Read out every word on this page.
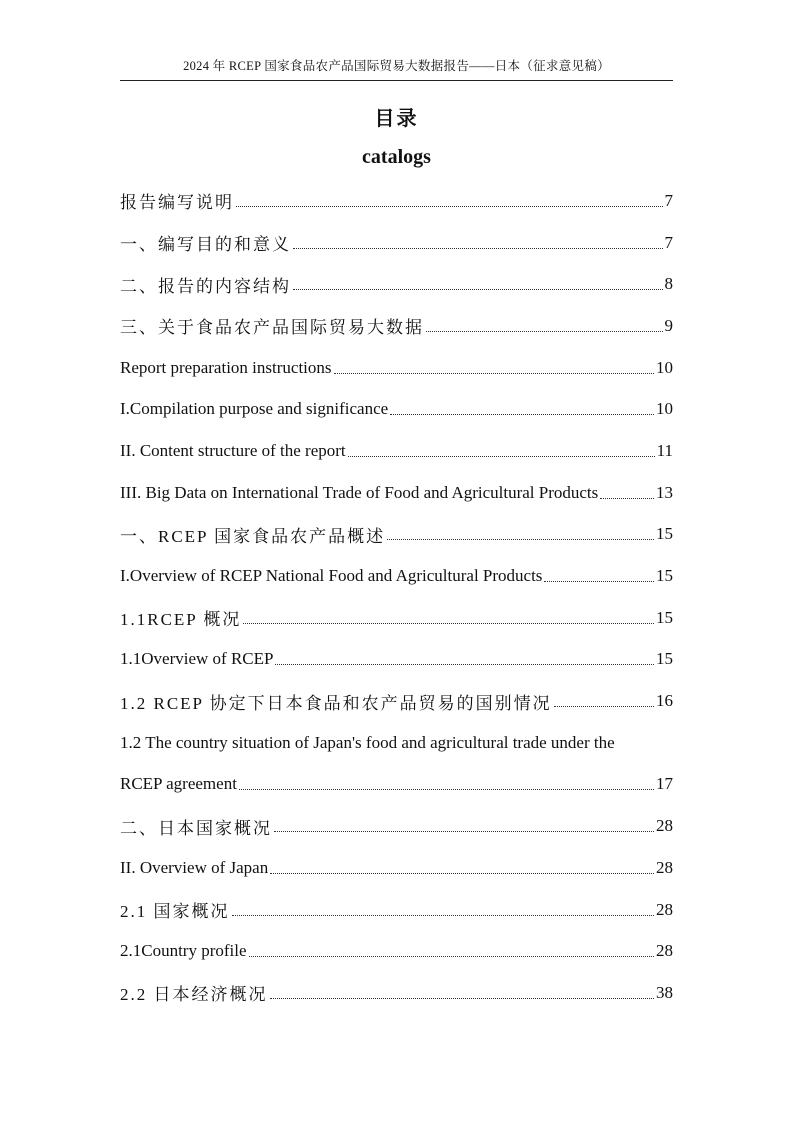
2024 年 RCEP 国家食品农产品国际贸易大数据报告——日本（征求意见稿）
目录
catalogs
报告编写说明	7
一、编写目的和意义	7
二、报告的内容结构	8
三、关于食品农产品国际贸易大数据	9
Report preparation instructions	10
I.Compilation purpose and significance	10
II. Content structure of the report	11
III. Big Data on International Trade of Food and Agricultural Products	13
一、RCEP 国家食品农产品概述	15
I.Overview of RCEP National Food and Agricultural Products	15
1.1RCEP 概况	15
1.1Overview of RCEP	15
1.2 RCEP 协定下日本食品和农产品贸易的国别情况	16
1.2 The country situation of Japan's food and agricultural trade under the
RCEP agreement	17
二、日本国家概况	28
II. Overview of Japan	28
2.1 国家概况	28
2.1Country profile	28
2.2 日本经济概况	38
